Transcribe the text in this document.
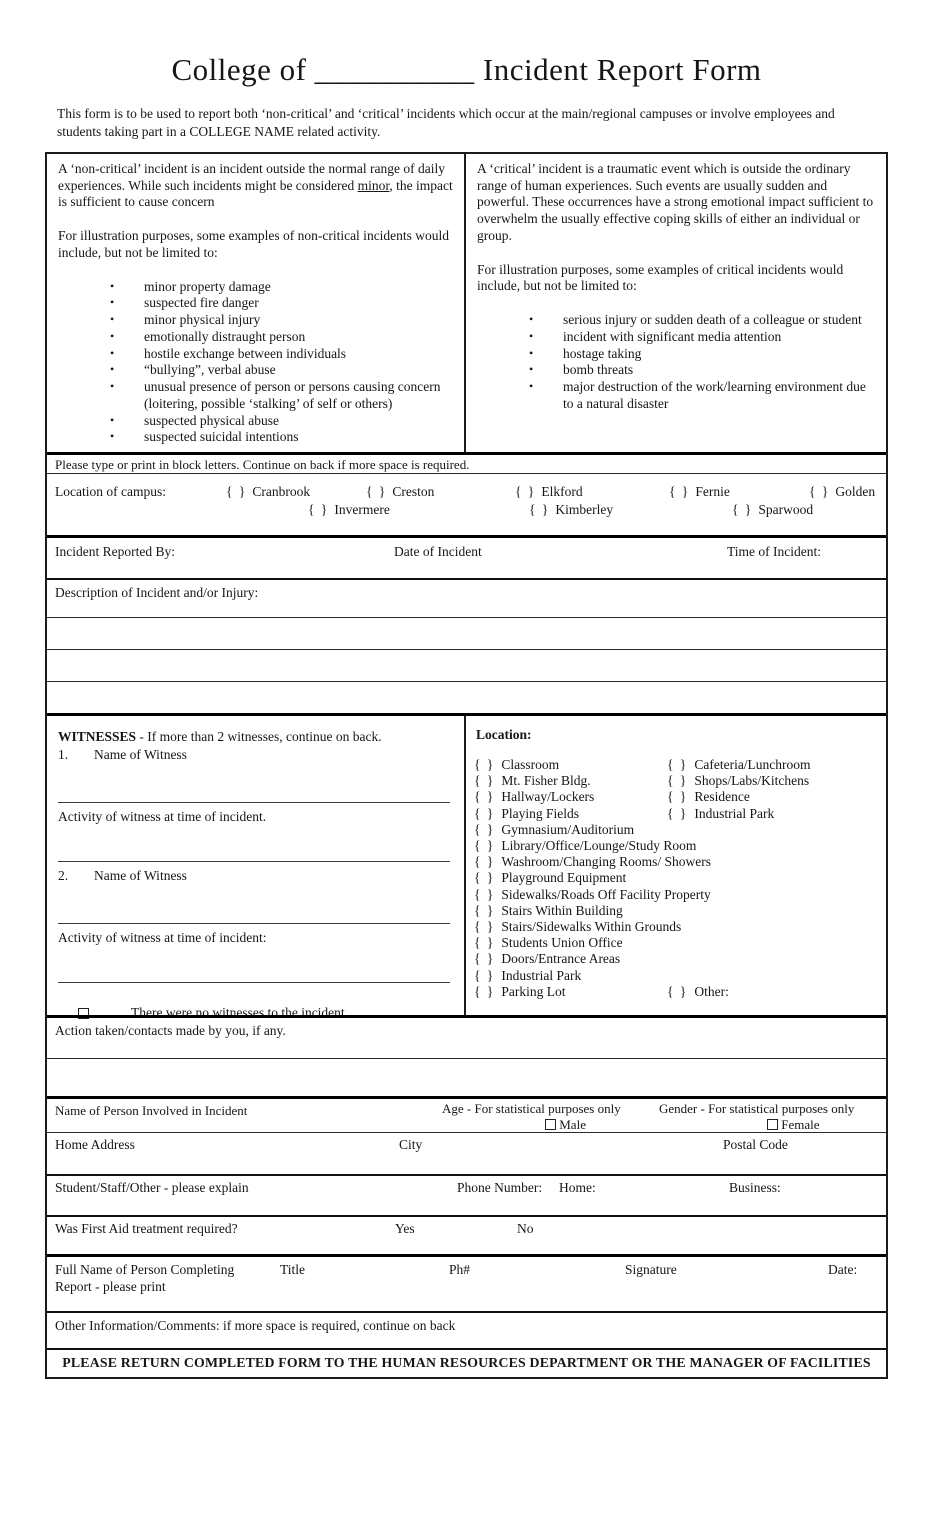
College of __________ Incident Report Form

This form is to be used to report both ‘non-critical’ and ‘critical’ incidents which occur at the main/regional campuses or involve employees and students taking part in a COLLEGE NAME related activity.

A ‘non-critical’ incident is an incident outside the normal range of daily experiences. While such incidents might be considered minor, the impact is sufficient to cause concern

For illustration purposes, some examples of non-critical incidents would include, but not be limited to:

•	minor property damage
•	suspected fire danger
•	minor physical injury
•	emotionally distraught person
•	hostile exchange between individuals
•	“bullying”, verbal abuse
•	unusual presence of person or persons causing concern (loitering, possible ‘stalking’ of self or others)
•	suspected physical abuse
•	suspected suicidal intentions

A ‘critical’ incident is a traumatic event which is outside the ordinary range of human experiences. Such events are usually sudden and powerful. These occurrences have a strong emotional impact sufficient to overwhelm the usually effective coping skills of either an individual or group.

For illustration purposes, some examples of critical incidents would include, but not be limited to:

•	serious injury or sudden death of a colleague or student
•	incident with significant media attention
•	hostage taking
•	bomb threats
•	major destruction of the work/learning environment due to a natural disaster
Please type or print in block letters. Continue on back if more space is required.
Location of campus:	{ } Cranbrook	{ } Creston	{ } Elkford	{ } Fernie	{ } Golden
{ } Invermere	{ } Kimberley	{ } Sparwood
Incident Reported By:	Date of Incident	Time of Incident:
Description of Incident and/or Injury:
WITNESSES - If more than 2 witnesses, continue on back.
1.	Name of Witness
Activity of witness at time of incident.
2.	Name of Witness
Activity of witness at time of incident:
There were no witnesses to the incident.
Location:
{ } Classroom	{ } Cafeteria/Lunchroom
{ } Mt. Fisher Bldg.	{ } Shops/Labs/Kitchens
{ } Hallway/Lockers	{ } Residence
{ } Playing Fields	{ } Industrial Park
{ } Gymnasium/Auditorium
{ } Library/Office/Lounge/Study Room
{ } Washroom/Changing Rooms/ Showers
{ } Playground Equipment
{ } Sidewalks/Roads Off Facility Property
{ } Stairs Within Building
{ } Stairs/Sidewalks Within Grounds
{ } Students Union Office
{ } Doors/Entrance Areas
{ } Industrial Park
{ } Parking Lot	{ } Other:
Action taken/contacts made by you, if any.
Name of Person Involved in Incident	Age - For statistical purposes only
Male
Gender - For statistical purposes only
Female
Home Address	City	Postal Code
Student/Staff/Other - please explain	Phone Number: Home:	Business:
Was First Aid treatment required?	Yes	No
Full Name of Person Completing
Report - please print
Title	Ph#	Signature	Date:
Other Information/Comments: if more space is required, continue on back
PLEASE RETURN COMPLETED FORM TO THE HUMAN RESOURCES DEPARTMENT OR THE MANAGER OF FACILITIES
